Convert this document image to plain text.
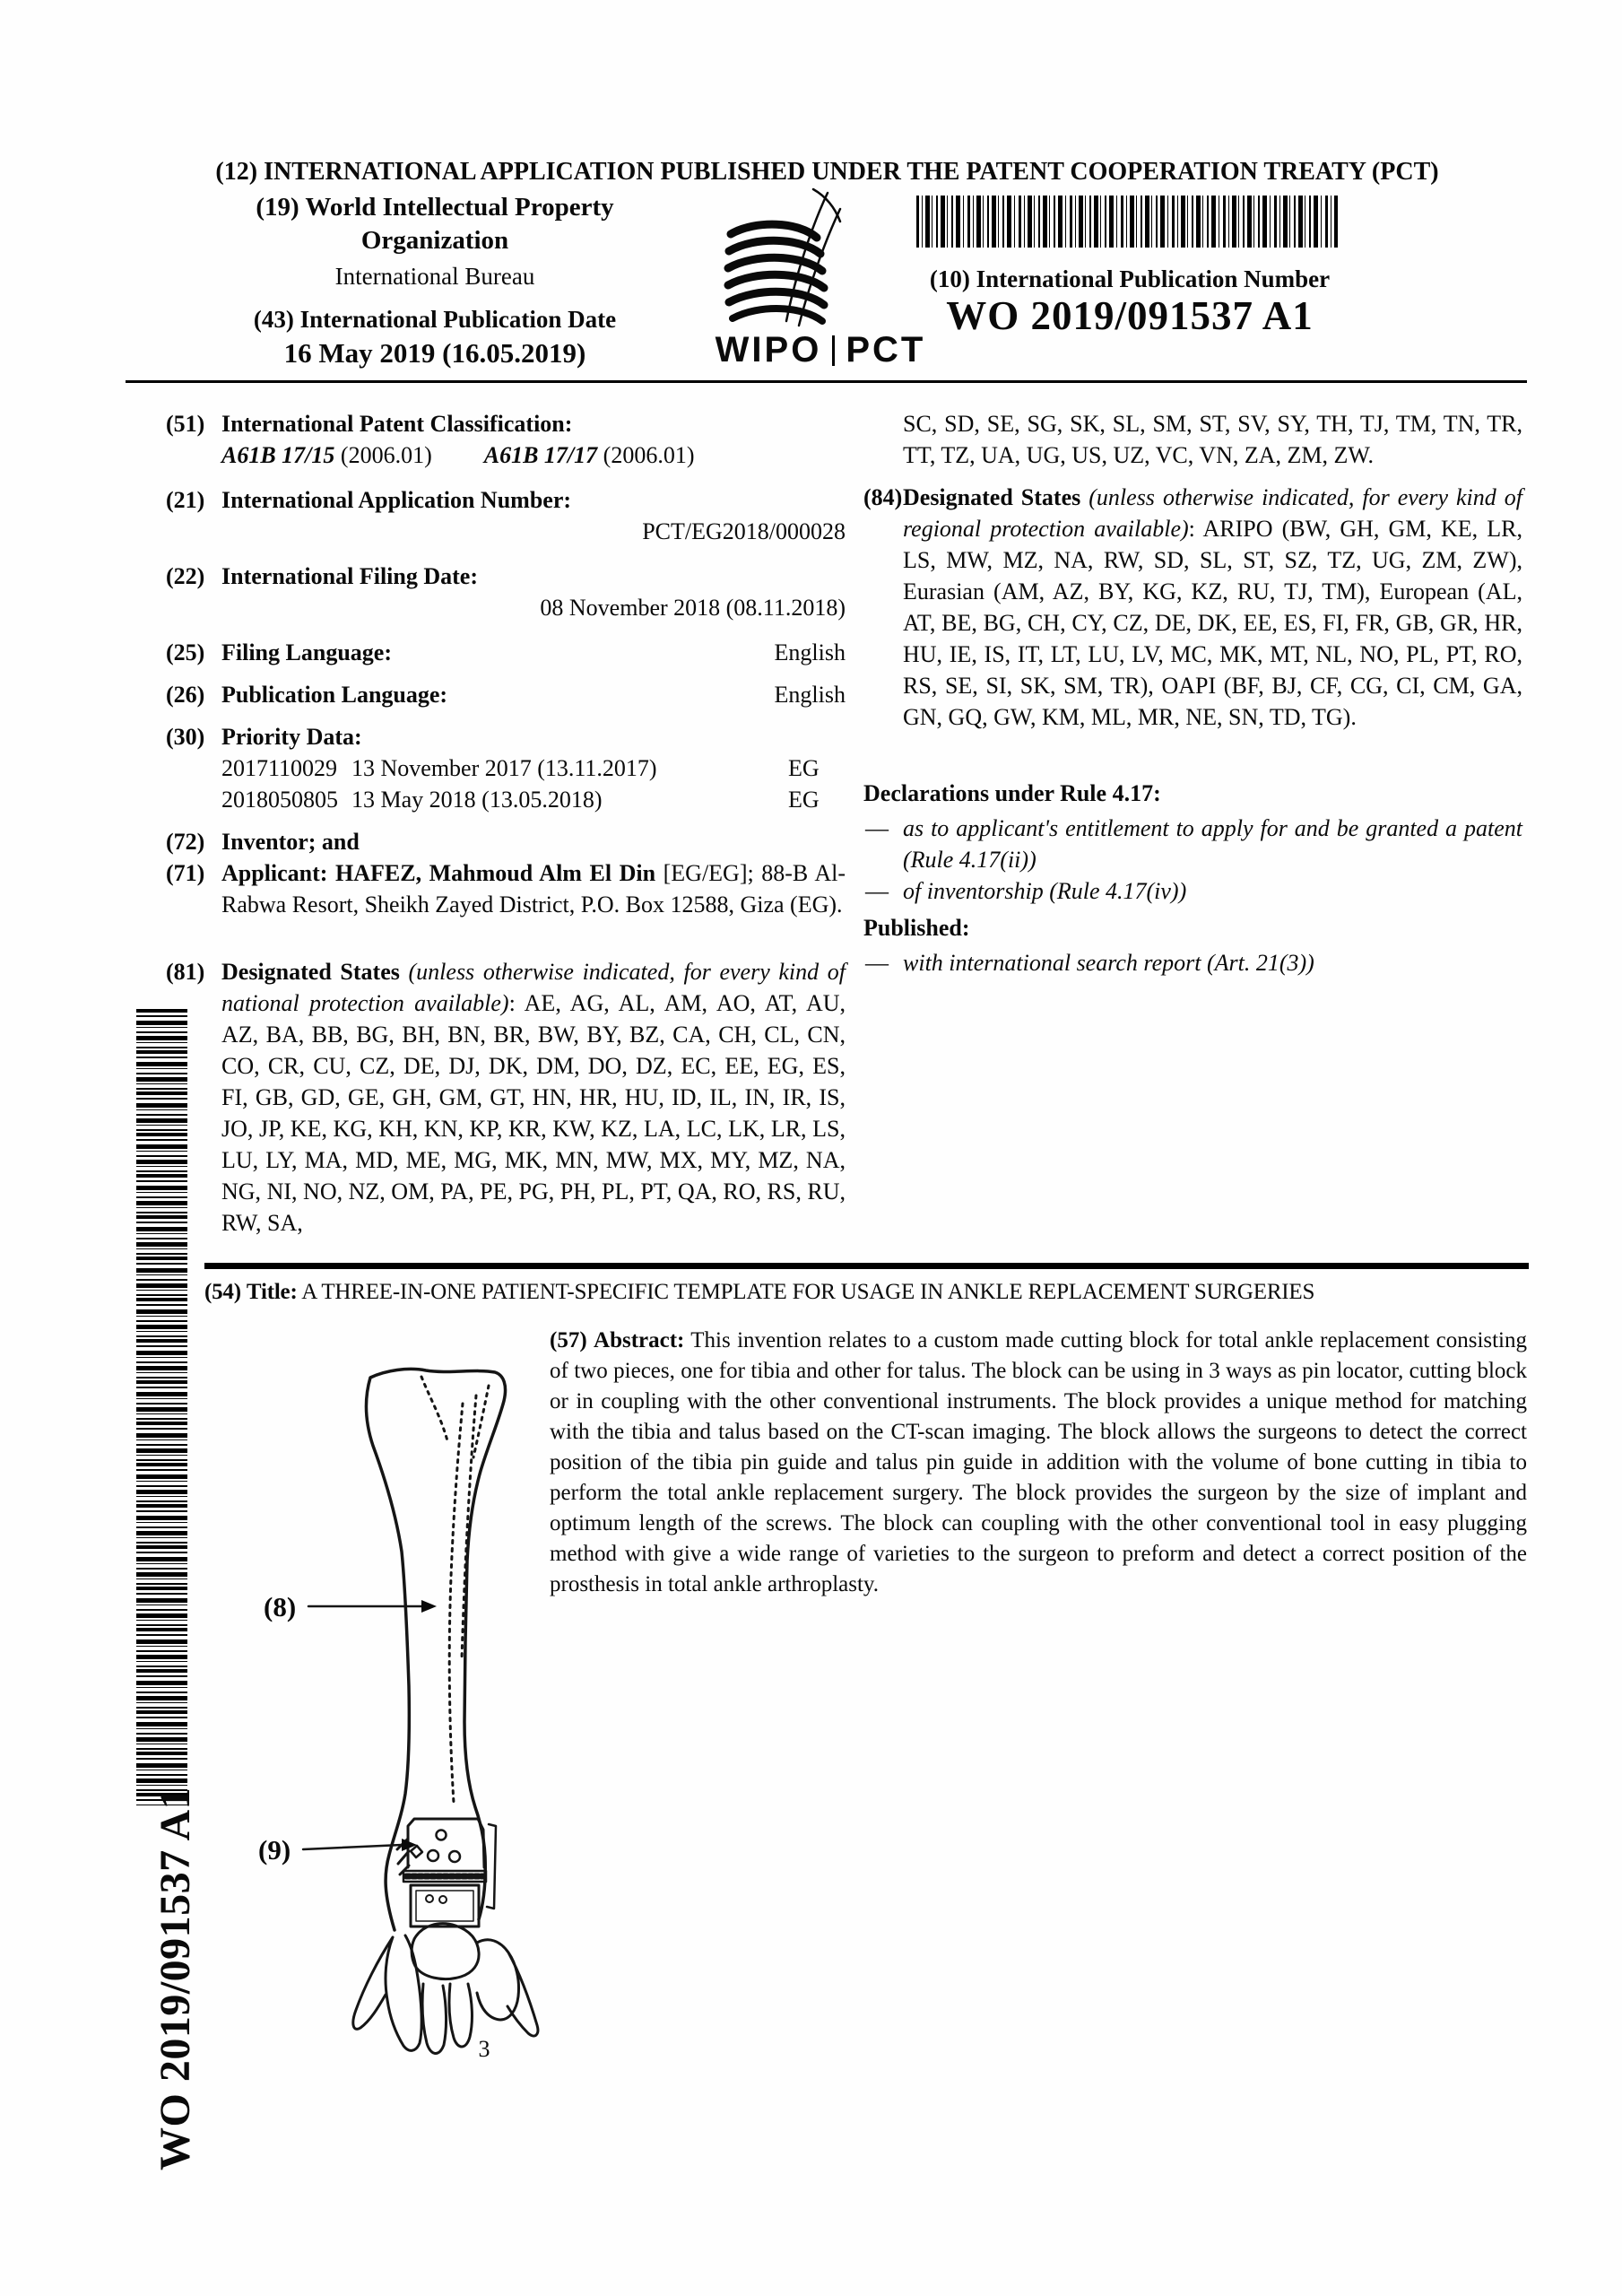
(12) INTERNATIONAL APPLICATION PUBLISHED UNDER THE PATENT COOPERATION TREATY (PCT)
(19) World Intellectual Property
Organization
International Bureau
(43) International Publication Date
16 May 2019 (16.05.2019)	WIPO PCT
(10) International Publication Number
WO 2019/091537 A1
(51) International Patent Classification:
A61B 17/15 (2006.01) A61B 17/17 (2006.01)
(21) International Application Number:
PCT/EG2018/000028
(22) International Filing Date:
08 November 2018 (08.11.2018)
(25) Filing Language:	English
(26) Publication Language:	English
(30) Priority Data:
2017110029 13 November 2017 (13.11.2017)	EG
2018050805 13 May 2018 (13.05.2018)	EG
(72) Inventor; and
(71) Applicant: HAFEZ, Mahmoud Alm El Din [EG/EG]; 88-B Al-Rabwa Resort, Sheikh Zayed District, P.O. Box 12588, Giza (EG).
(81) Designated States (unless otherwise indicated, for every kind of national protection available): AE, AG, AL, AM, AO, AT, AU, AZ, BA, BB, BG, BH, BN, BR, BW, BY, BZ, CA, CH, CL, CN, CO, CR, CU, CZ, DE, DJ, DK, DM, DO, DZ, EC, EE, EG, ES, FI, GB, GD, GE, GH, GM, GT, HN, HR, HU, ID, IL, IN, IR, IS, JO, JP, KE, KG, KH, KN, KP, KR, KW, KZ, LA, LC, LK, LR, LS, LU, LY, MA, MD, ME, MG, MK, MN, MW, MX, MY, MZ, NA, NG, NI, NO, NZ, OM, PA, PE, PG, PH, PL, PT, QA, RO, RS, RU, RW, SA,
SC, SD, SE, SG, SK, SL, SM, ST, SV, SY, TH, TJ, TM, TN, TR, TT, TZ, UA, UG, US, UZ, VC, VN, ZA, ZM, ZW.
(84) Designated States (unless otherwise indicated, for every kind of regional protection available): ARIPO (BW, GH, GM, KE, LR, LS, MW, MZ, NA, RW, SD, SL, ST, SZ, TZ, UG, ZM, ZW), Eurasian (AM, AZ, BY, KG, KZ, RU, TJ, TM), European (AL, AT, BE, BG, CH, CY, CZ, DE, DK, EE, ES, FI, FR, GB, GR, HR, HU, IE, IS, IT, LT, LU, LV, MC, MK, MT, NL, NO, PL, PT, RO, RS, SE, SI, SK, SM, TR), OAPI (BF, BJ, CF, CG, CI, CM, GA, GN, GQ, GW, KM, ML, MR, NE, SN, TD, TG).
Declarations under Rule 4.17:
— as to applicant's entitlement to apply for and be granted a patent (Rule 4.17(ii))
— of inventorship (Rule 4.17(iv))
Published:
— with international search report (Art. 21(3))
(54) Title: A THREE-IN-ONE PATIENT-SPECIFIC TEMPLATE FOR USAGE IN ANKLE REPLACEMENT SURGERIES
(57) Abstract: This invention relates to a custom made cutting block for total ankle replacement consisting of two pieces, one for tibia and other for talus. The block can be using in 3 ways as pin locator, cutting block or in coupling with the other conventional instruments. The block provides a unique method for matching with the tibia and talus based on the CT-scan imaging. The block allows the surgeons to detect the correct position of the tibia pin guide and talus pin guide in addition with the volume of bone cutting in tibia to perform the total ankle replacement surgery. The block provides the surgeon by the size of implant and optimum length of the screws. The block can coupling with the other conventional tool in easy plugging method with give a wide range of varieties to the surgeon to preform and detect a correct position of the prosthesis in total ankle arthroplasty.
(8)
(9)
3
WO 2019/091537 A1
